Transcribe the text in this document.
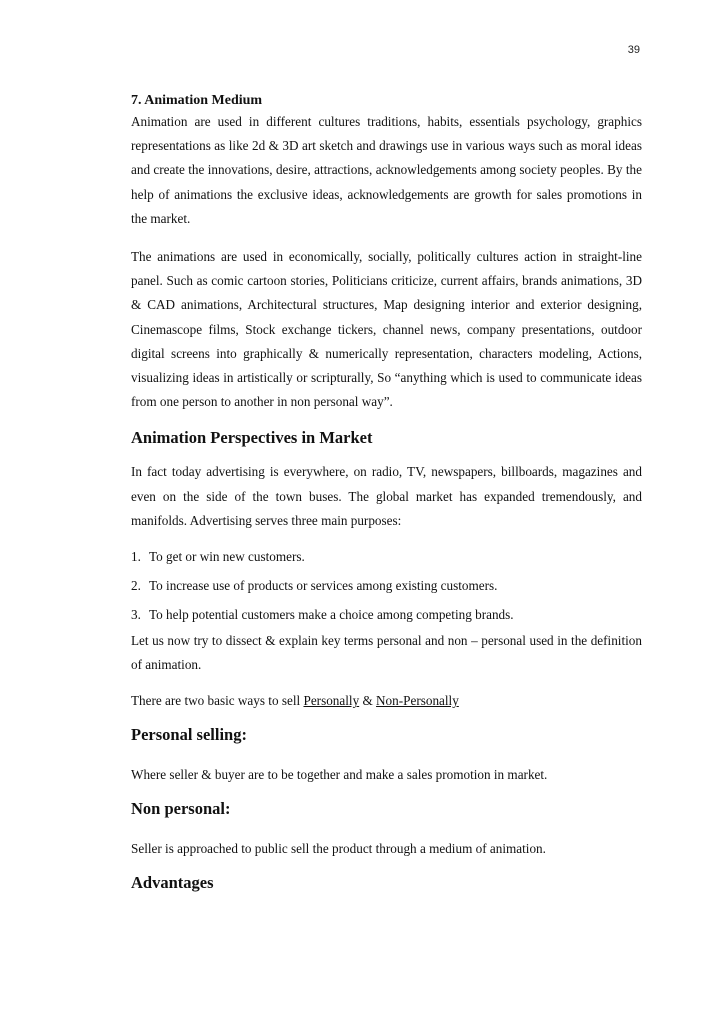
39

7. Animation Medium

Animation are used in different cultures traditions, habits, essentials psychology, graphics representations as like 2d & 3D art sketch and drawings use in various ways such as moral ideas and create the innovations, desire, attractions, acknowledgements among society peoples. By the help of animations the exclusive ideas, acknowledgements are growth for sales promotions in the market.

The animations are used in economically, socially, politically cultures action in straight-line panel. Such as comic cartoon stories, Politicians criticize, current affairs, brands animations, 3D & CAD animations, Architectural structures, Map designing interior and exterior designing, Cinemascope films, Stock exchange tickers, channel news, company presentations, outdoor digital screens into graphically & numerically representation, characters modeling, Actions, visualizing ideas in artistically or scripturally, So “anything which is used to communicate ideas from one person to another in non personal way”.

Animation Perspectives in Market

In fact today advertising is everywhere, on radio, TV, newspapers, billboards, magazines and even on the side of the town buses. The global market has expanded tremendously, and manifolds. Advertising serves three main purposes:

1. To get or win new customers.
2. To increase use of products or services among existing customers.
3. To help potential customers make a choice among competing brands.

Let us now try to dissect & explain key terms personal and non – personal used in the definition of animation.

There are two basic ways to sell Personally & Non-Personally

Personal selling:

Where seller & buyer are to be together and make a sales promotion in market.

Non personal:

Seller is approached to public sell the product through a medium of animation.

Advantages
